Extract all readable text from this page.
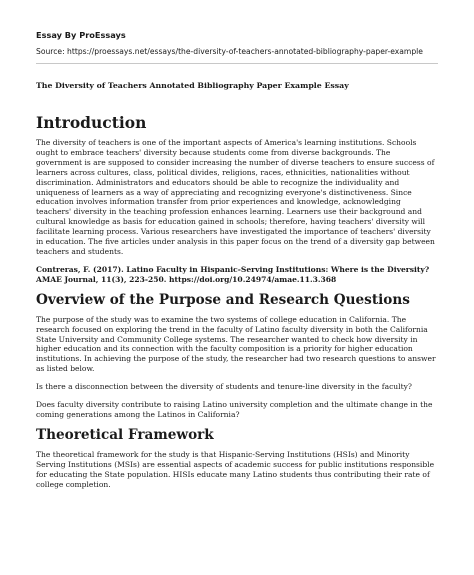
Essay By ProEssays
Source: https://proessays.net/essays/the-diversity-of-teachers-annotated-bibliography-paper-example
The Diversity of Teachers Annotated Bibliography Paper Example Essay
Introduction

The diversity of teachers is one of the important aspects of America's learning institutions. Schools ought to embrace teachers' diversity because students come from diverse backgrounds. The government is are supposed to consider increasing the number of diverse teachers to ensure success of learners across cultures, class, political divides, religions, races, ethnicities, nationalities without discrimination. Administrators and educators should be able to recognize the individuality and uniqueness of learners as a way of appreciating and recognizing everyone's distinctiveness. Since education involves information transfer from prior experiences and knowledge, acknowledging teachers' diversity in the teaching profession enhances learning. Learners use their background and cultural knowledge as basis for education gained in schools; therefore, having teachers' diversity will facilitate learning process. Various researchers have investigated the importance of teachers' diversity in education. The five articles under analysis in this paper focus on the trend of a diversity gap between teachers and students.

Contreras, F. (2017). Latino Faculty in Hispanic-Serving Institutions: Where is the Diversity? AMAE Journal, 11(3), 223-250. https://doi.org/10.24974/amae.11.3.368

Overview of the Purpose and Research Questions

The purpose of the study was to examine the two systems of college education in California. The research focused on exploring the trend in the faculty of Latino faculty diversity in both the California State University and Community College systems. The researcher wanted to check how diversity in higher education and its connection with the faculty composition is a priority for higher education institutions. In achieving the purpose of the study, the researcher had two research questions to answer as listed below.

Is there a disconnection between the diversity of students and tenure-line diversity in the faculty?

Does faculty diversity contribute to raising Latino university completion and the ultimate change in the coming generations among the Latinos in California?

Theoretical Framework

The theoretical framework for the study is that Hispanic-Serving Institutions (HSIs) and Minority Serving Institutions (MSIs) are essential aspects of academic success for public institutions responsible for educating the State population. HISIs educate many Latino students thus contributing their rate of college completion.
